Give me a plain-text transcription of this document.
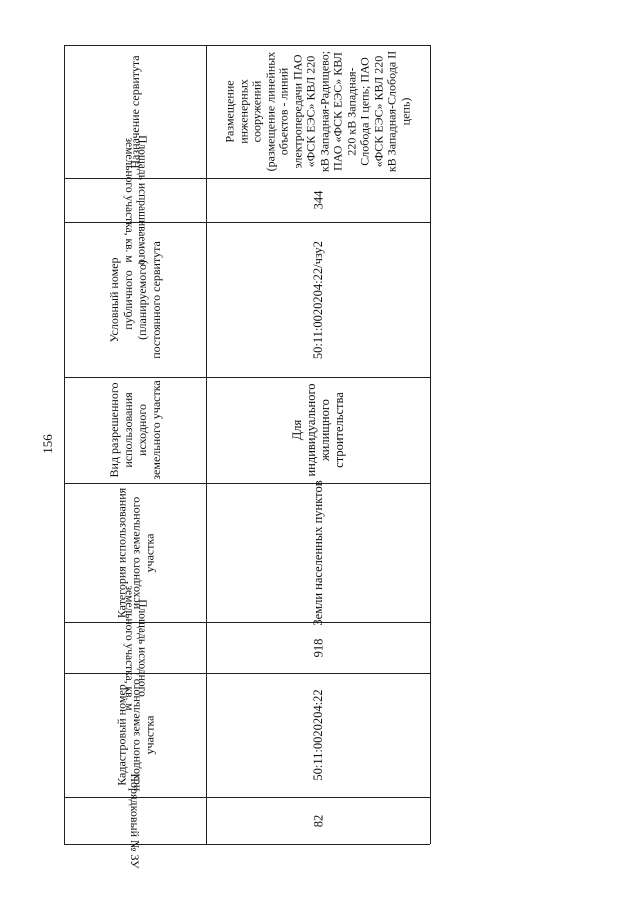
156
Назначение сервитута
Площадь испрашиваемого земельного участка, кв. м
Условный номер публичного (планируемого) постоянного сервитута
Вид разрешенного использования исходного земельного участка
Категория использования исходного земельного участка
Площадь исходного земельного участка, кв. м
Кадастровый номер исходного земельного участка
Порядковый № ЗУ
Размещение инженерных сооружений (размещение линейных объектов - линий электропередачи ПАО «ФСК ЕЭС» КВЛ 220 кВ Западная-Радищево; ПАО «ФСК ЕЭС» КВЛ 220 кВ Западная-Слобода I цепь; ПАО «ФСК ЕЭС» КВЛ 220 кВ Западная-Слобода II цепь)
344
50:11:0020204:22/чзу2
Для индивидуального жилищного строительства
Земли населенных пунктов
918
50:11:0020204:22
82
